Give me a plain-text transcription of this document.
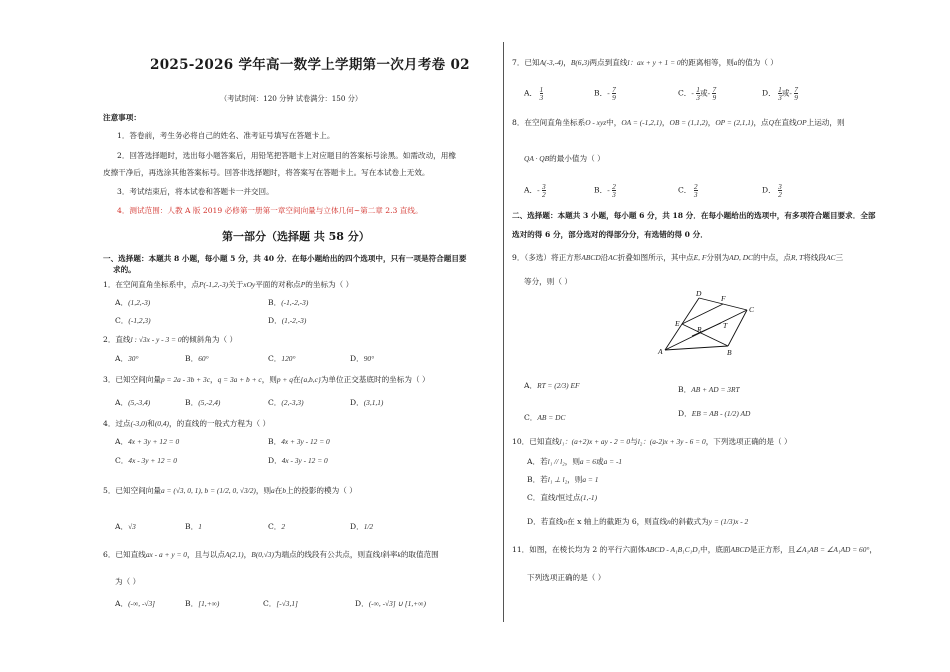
2025-2026 学年高一数学上学期第一次月考卷 02
（考试时间：120 分钟 试卷满分：150 分）
注意事项：
1．答卷前，考生务必将自己的姓名、准考证号填写在答题卡上。
2．回答选择题时，选出每小题答案后，用铅笔把答题卡上对应题目的答案标号涂黑。如需改动，用橡
皮擦干净后，再选涂其他答案标号。回答非选择题时，将答案写在答题卡上。写在本试卷上无效。
3．考试结束后，将本试卷和答题卡一并交回。
4．测试范围：人教 A 版 2019 必修第一册第一章空间向量与立体几何~第二章 2.3 直线。
第一部分（选择题 共 58 分）
一、选择题：本题共 8 小题，每小题 5 分，共 40 分．在每小题给出的四个选项中，只有一项是符合题目要
求的。
1．在空间直角坐标系中，点P(-1,2,-3)关于xOy平面的对称点P的坐标为（ ）
A．(1,2,-3)	B．(-1,-2,-3)
C．(-1,2,3)	D．(1,-2,-3)
2．直线l : √3x - y - 3 = 0的倾斜角为（ ）
A．30°	B．60°	C．120°	D．90°
3．已知空间向量p = 2a - 3b + 3c，q = 3a + b + c，则p + q在{a,b,c}为单位正交基底时的坐标为（ ）
A．(5,-3,4)	B．(5,-2,4)	C．(2,-3,3)	D．(3,1,1)
4．过点(-3,0)和(0,4)，的直线的一般式方程为（ ）
A．4x + 3y + 12 = 0	B．4x + 3y - 12 = 0
C．4x - 3y + 12 = 0	D．4x - 3y - 12 = 0
5．已知空间向量a = (√3, 0, 1), b = (1/2, 0, √3/2)，则a在b上的投影的模为（ ）
A．√3	B．1	C．2	D．1/2
6．已知直线ax - a + y = 0，且与以点A(2,1)，B(0,√3)为端点的线段有公共点，则直线l斜率k的取值范围
为（ ）
A．(-∞, -√3]	B．[1,+∞)	C．[-√3,1]	D．(-∞, -√3] ∪ [1,+∞)
7．已知A(-3,-4)，B(6,3)两点到直线l：ax + y + 1 = 0的距离相等，则a的值为（ ）
A． $\frac{1}{3}$	B．- $\frac{7}{9}$	C．- $\frac{1}{3}$ 或- $\frac{7}{9}$	D． $\frac{1}{3}$ 或- $\frac{7}{9}$
8．在空间直角坐标系O - xyz中，OA = (-1,2,1)，OB = (1,1,2)，OP = (2,1,1)，点Q在直线OP上运动，则
QA · QB的最小值为（ ）
A．- $\frac{3}{2}$	B．- $\frac{2}{3}$	C． $\frac{2}{3}$	D． $\frac{3}{2}$
二、选择题：本题共 3 小题，每小题 6 分，共 18 分．在每小题给出的选项中，有多项符合题目要求．全部
选对的得 6 分，部分选对的得部分分，有选错的得 0 分．
9．（多选）将正方形ABCD沿AC折叠如图所示，其中点E, F分别为AD, DC的中点，点R, T将线段AC三
等分，则（ ）
D
F
C
E
R	T
A	B
A．RT = (2/3) EF	B．AB + AD = 3RT
C．AB = DC	D．EB = AB - (1/2) AD
10．已知直线l₁：(a+2)x + ay - 2 = 0与l₂：(a-2)x + 3y - 6 = 0，下列选项正确的是（ ）
A．若l₁ // l₂，则a = 6或a = -1
B．若l₁ ⊥ l₂，则a = 1
C．直线l恒过点(1,-1)
D．若直线n在 x 轴上的截距为 6，则直线n的斜截式为y = (1/3)x - 2
11．如图，在棱长均为 2 的平行六面体ABCD - A₁B₁C₁D₁中，底面ABCD是正方形，且∠A₁AB = ∠A₁AD = 60°，
下列选项正确的是（ ）
